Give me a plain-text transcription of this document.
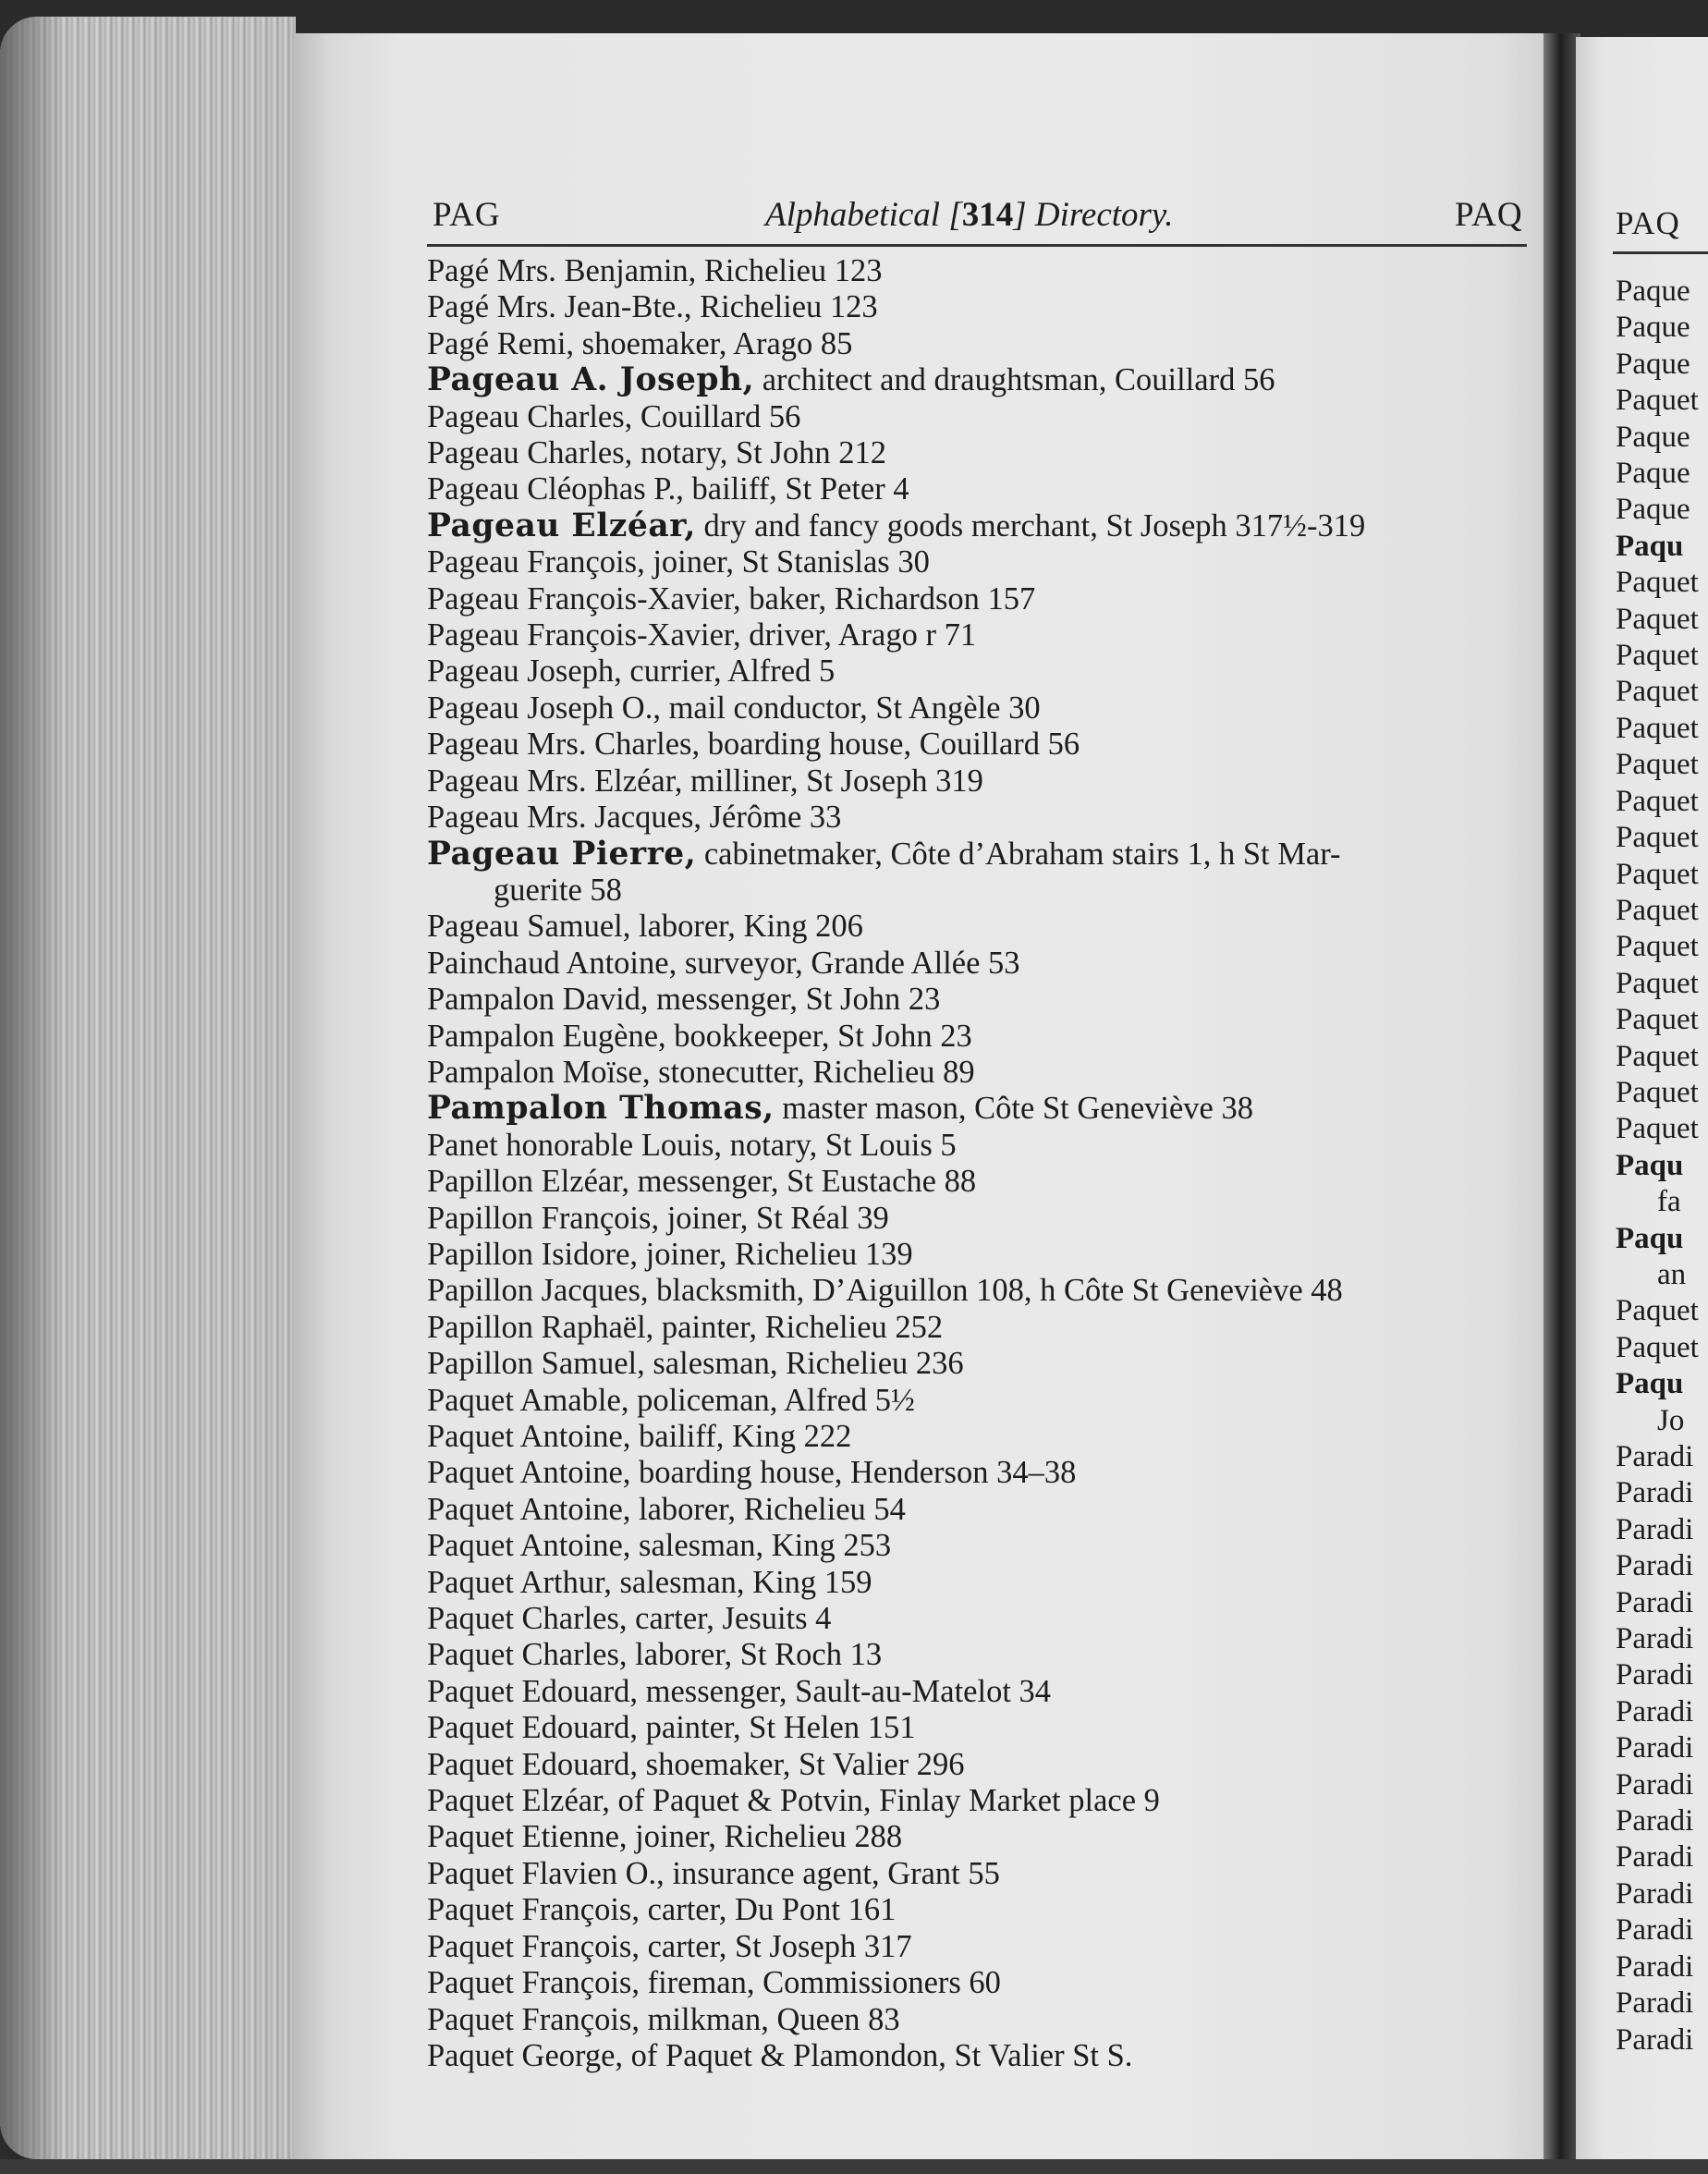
PAG	Alphabetical [314] Directory.	PAQ
Pagé Mrs. Benjamin, Richelieu 123
Pagé Mrs. Jean-Bte., Richelieu 123
Pagé Remi, shoemaker, Arago 85
Pageau A. Joseph, architect and draughtsman, Couillard 56
Pageau Charles, Couillard 56
Pageau Charles, notary, St John 212
Pageau Cléophas P., bailiff, St Peter 4
Pageau Elzéar, dry and fancy goods merchant, St Joseph 317½-319
Pageau François, joiner, St Stanislas 30
Pageau François-Xavier, baker, Richardson 157
Pageau François-Xavier, driver, Arago r 71
Pageau Joseph, currier, Alfred 5
Pageau Joseph O., mail conductor, St Angèle 30
Pageau Mrs. Charles, boarding house, Couillard 56
Pageau Mrs. Elzéar, milliner, St Joseph 319
Pageau Mrs. Jacques, Jérôme 33
Pageau Pierre, cabinetmaker, Côte d’Abraham stairs 1, h St Mar-
guerite 58
Pageau Samuel, laborer, King 206
Painchaud Antoine, surveyor, Grande Allée 53
Pampalon David, messenger, St John 23
Pampalon Eugène, bookkeeper, St John 23
Pampalon Moïse, stonecutter, Richelieu 89
Pampalon Thomas, master mason, Côte St Geneviève 38
Panet honorable Louis, notary, St Louis 5
Papillon Elzéar, messenger, St Eustache 88
Papillon François, joiner, St Réal 39
Papillon Isidore, joiner, Richelieu 139
Papillon Jacques, blacksmith, D’Aiguillon 108, h Côte St Geneviève 48
Papillon Raphaël, painter, Richelieu 252
Papillon Samuel, salesman, Richelieu 236
Paquet Amable, policeman, Alfred 5½
Paquet Antoine, bailiff, King 222
Paquet Antoine, boarding house, Henderson 34–38
Paquet Antoine, laborer, Richelieu 54
Paquet Antoine, salesman, King 253
Paquet Arthur, salesman, King 159
Paquet Charles, carter, Jesuits 4
Paquet Charles, laborer, St Roch 13
Paquet Edouard, messenger, Sault-au-Matelot 34
Paquet Edouard, painter, St Helen 151
Paquet Edouard, shoemaker, St Valier 296
Paquet Elzéar, of Paquet & Potvin, Finlay Market place 9
Paquet Etienne, joiner, Richelieu 288
Paquet Flavien O., insurance agent, Grant 55
Paquet François, carter, Du Pont 161
Paquet François, carter, St Joseph 317
Paquet François, fireman, Commissioners 60
Paquet François, milkman, Queen 83
Paquet George, of Paquet & Plamondon, St Valier St S.
PAQ
Paque
Paque
Paque
Paquet
Paque
Paque
Paque
Paqu
Paquet
Paquet
Paquet
Paquet
Paquet
Paquet
Paquet
Paquet
Paquet
Paquet
Paquet
Paquet
Paquet
Paquet
Paquet
Paquet
Paqu
fa
Paqu
an
Paquet
Paquet
Paqu
Jo
Paradi
Paradi
Paradi
Paradi
Paradi
Paradi
Paradi
Paradi
Paradi
Paradi
Paradi
Paradi
Paradi
Paradi
Paradi
Paradi
Paradi
